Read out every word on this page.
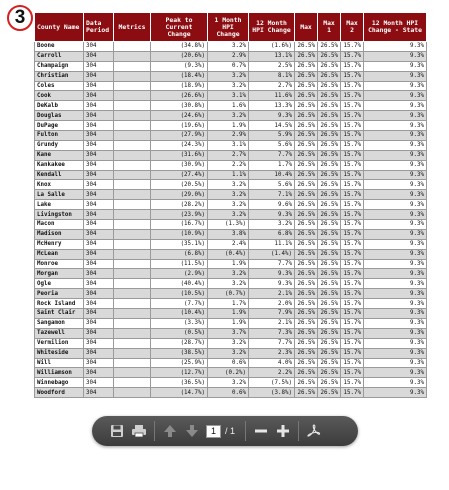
3	County Name	Data Period	Metrics	Peak to Current Change	1 Month HPI Change	12 Month HPI Change	Max	Max 1	Max 2	12 Month HPI Change - State
Boone	304		(34.8%)	3.2%	(1.6%)	26.5%	26.5%	15.7%	9.3%
Carroll	304		(20.6%)	2.9%	13.1%	26.5%	26.5%	15.7%	9.3%
Champaign	304		(9.3%)	0.7%	2.5%	26.5%	26.5%	15.7%	9.3%
Christian	304		(18.4%)	3.2%	8.1%	26.5%	26.5%	15.7%	9.3%
Coles	304		(18.9%)	3.2%	2.7%	26.5%	26.5%	15.7%	9.3%
Cook	304		(26.6%)	3.1%	11.6%	26.5%	26.5%	15.7%	9.3%
DeKalb	304		(30.8%)	1.6%	13.3%	26.5%	26.5%	15.7%	9.3%
Douglas	304		(24.6%)	3.2%	9.3%	26.5%	26.5%	15.7%	9.3%
DuPage	304		(19.6%)	1.9%	14.5%	26.5%	26.5%	15.7%	9.3%
Fulton	304		(27.9%)	2.9%	5.9%	26.5%	26.5%	15.7%	9.3%
Grundy	304		(24.3%)	3.1%	5.6%	26.5%	26.5%	15.7%	9.3%
Kane	304		(31.6%)	2.7%	7.7%	26.5%	26.5%	15.7%	9.3%
Kankakee	304		(30.9%)	2.2%	1.7%	26.5%	26.5%	15.7%	9.3%
Kendall	304		(27.4%)	1.1%	10.4%	26.5%	26.5%	15.7%	9.3%
Knox	304		(20.5%)	3.2%	5.6%	26.5%	26.5%	15.7%	9.3%
La Salle	304		(29.0%)	3.2%	7.1%	26.5%	26.5%	15.7%	9.3%
Lake	304		(28.2%)	3.2%	9.6%	26.5%	26.5%	15.7%	9.3%
Livingston	304		(23.9%)	3.2%	9.3%	26.5%	26.5%	15.7%	9.3%
Macon	304		(16.7%)	(1.3%)	3.2%	26.5%	26.5%	15.7%	9.3%
Madison	304		(10.9%)	3.8%	6.8%	26.5%	26.5%	15.7%	9.3%
McHenry	304		(35.1%)	2.4%	11.1%	26.5%	26.5%	15.7%	9.3%
McLean	304		(6.8%)	(0.4%)	(1.4%)	26.5%	26.5%	15.7%	9.3%
Monroe	304		(11.5%)	1.9%	7.7%	26.5%	26.5%	15.7%	9.3%
Morgan	304		(2.9%)	3.2%	9.3%	26.5%	26.5%	15.7%	9.3%
Ogle	304		(40.4%)	3.2%	9.3%	26.5%	26.5%	15.7%	9.3%
Peoria	304		(10.5%)	(0.7%)	2.1%	26.5%	26.5%	15.7%	9.3%
Rock Island	304		(7.7%)	1.7%	2.0%	26.5%	26.5%	15.7%	9.3%
Saint Clair	304		(10.4%)	1.9%	7.9%	26.5%	26.5%	15.7%	9.3%
Sangamon	304		(3.3%)	1.9%	2.1%	26.5%	26.5%	15.7%	9.3%
Tazewell	304		(0.5%)	3.7%	7.3%	26.5%	26.5%	15.7%	9.3%
Vermilion	304		(28.7%)	3.2%	7.7%	26.5%	26.5%	15.7%	9.3%
Whiteside	304		(38.5%)	3.2%	2.3%	26.5%	26.5%	15.7%	9.3%
Will	304		(25.9%)	0.6%	4.0%	26.5%	26.5%	15.7%	9.3%
Williamson	304		(12.7%)	(0.2%)	2.2%	26.5%	26.5%	15.7%	9.3%
Winnebago	304		(36.5%)	3.2%	(7.5%)	26.5%	26.5%	15.7%	9.3%
Woodford	304		(14.7%)	0.6%	(3.8%)	26.5%	26.5%	15.7%	9.3%
1	/ 1
